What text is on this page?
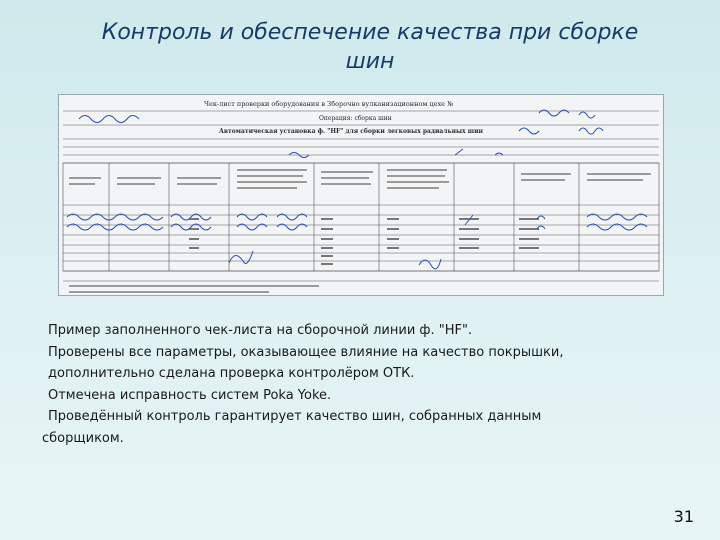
Контроль и обеспечение качества при сборке
шин
Чек-лист проверки оборудования в Зборочно вулканизационном цехе №
Операция: сборка шин
Автоматическая установка ф. "HF" для сборки легковых радиальных шин

Пример заполненного чек-листа на сборочной линии ф. "HF".

Проверены все параметры, оказывающее влияние на качество покрышки,

дополнительно сделана проверка контролёром ОТК.

Отмечена исправность систем Poka Yoke.

Проведённый контроль гарантирует качество шин, собранных данным

сборщиком.

31
